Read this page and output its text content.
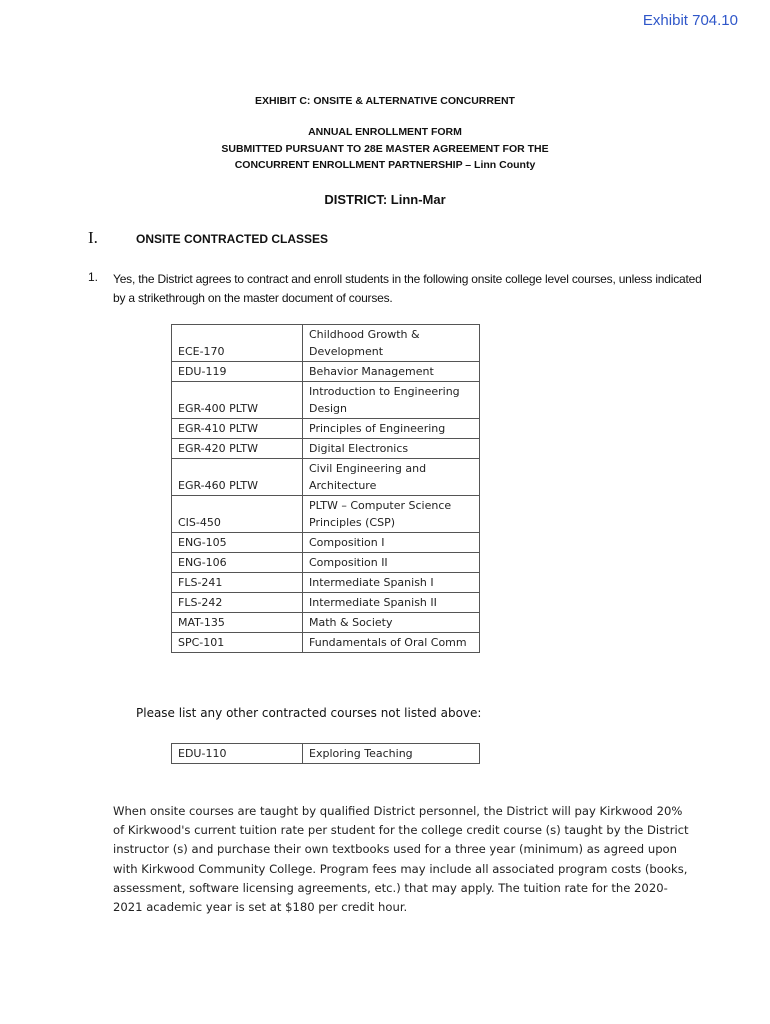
Exhibit 704.10
EXHIBIT C: ONSITE & ALTERNATIVE CONCURRENT
ANNUAL ENROLLMENT FORM
SUBMITTED PURSUANT TO 28E MASTER AGREEMENT FOR THE
CONCURRENT ENROLLMENT PARTNERSHIP – Linn County
DISTRICT: Linn-Mar
I.	ONSITE CONTRACTED CLASSES
1. Yes, the District agrees to contract and enroll students in the following onsite college level courses, unless indicated by a strikethrough on the master document of courses.
ECE-170	Childhood Growth & Development
EDU-119	Behavior Management
EGR-400 PLTW	Introduction to Engineering Design
EGR-410 PLTW	Principles of Engineering
EGR-420 PLTW	Digital Electronics
EGR-460 PLTW	Civil Engineering and Architecture
CIS-450	PLTW – Computer Science Principles (CSP)
ENG-105	Composition I
ENG-106	Composition II
FLS-241	Intermediate Spanish I
FLS-242	Intermediate Spanish II
MAT-135	Math & Society
SPC-101	Fundamentals of Oral Comm
Please list any other contracted courses not listed above:
EDU-110	Exploring Teaching
When onsite courses are taught by qualified District personnel, the District will pay Kirkwood 20% of Kirkwood's current tuition rate per student for the college credit course (s) taught by the District instructor (s) and purchase their own textbooks used for a three year (minimum) as agreed upon with Kirkwood Community College. Program fees may include all associated program costs (books, assessment, software licensing agreements, etc.) that may apply. The tuition rate for the 2020-2021 academic year is set at $180 per credit hour.
